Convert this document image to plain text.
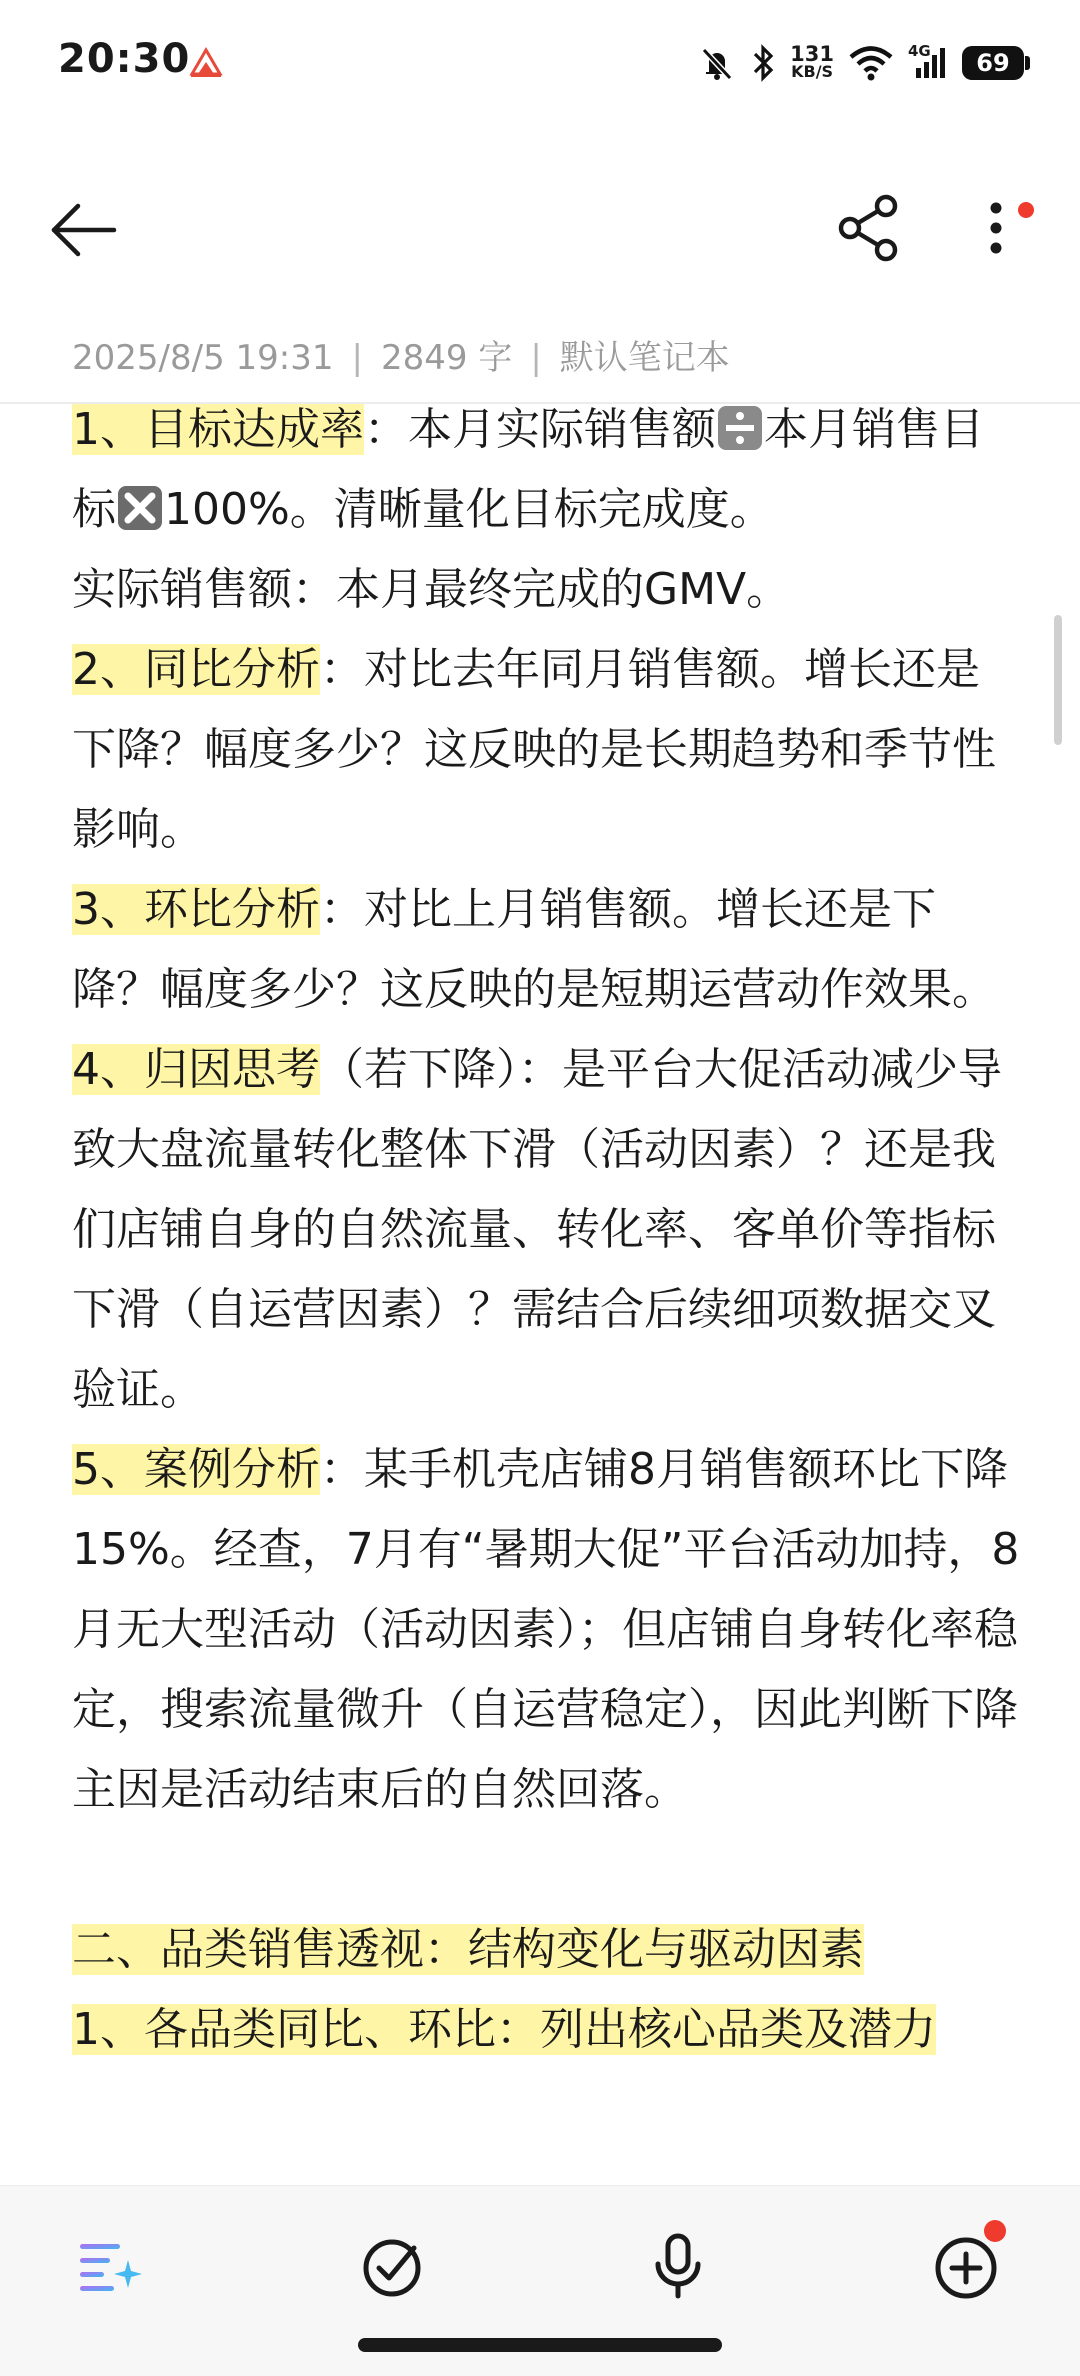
20:30	131
KB/S
4G 69
2025/8/5 19:31 | 2849 字 | 默认笔记本

1、目标达成率：本月实际销售额 本月销售目标 100%。清晰量化目标完成度。

实际销售额：本月最终完成的GMV。

2、同比分析：对比去年同月销售额。增长还是下降？幅度多少？这反映的是长期趋势和季节性影响。

3、环比分析：对比上月销售额。增长还是下降？幅度多少？这反映的是短期运营动作效果。

4、归因思考（若下降）：是平台大促活动减少导致大盘流量转化整体下滑（活动因素）？还是我们店铺自身的自然流量、转化率、客单价等指标下滑（自运营因素）？需结合后续细项数据交叉验证。

5、案例分析：某手机壳店铺8月销售额环比下降15%。经查，7月有“暑期大促”平台活动加持，8月无大型活动（活动因素）；但店铺自身转化率稳定，搜索流量微升（自运营稳定），因此判断下降主因是活动结束后的自然回落。

二、品类销售透视：结构变化与驱动因素

1、各品类同比、环比：列出核心品类及潜力
